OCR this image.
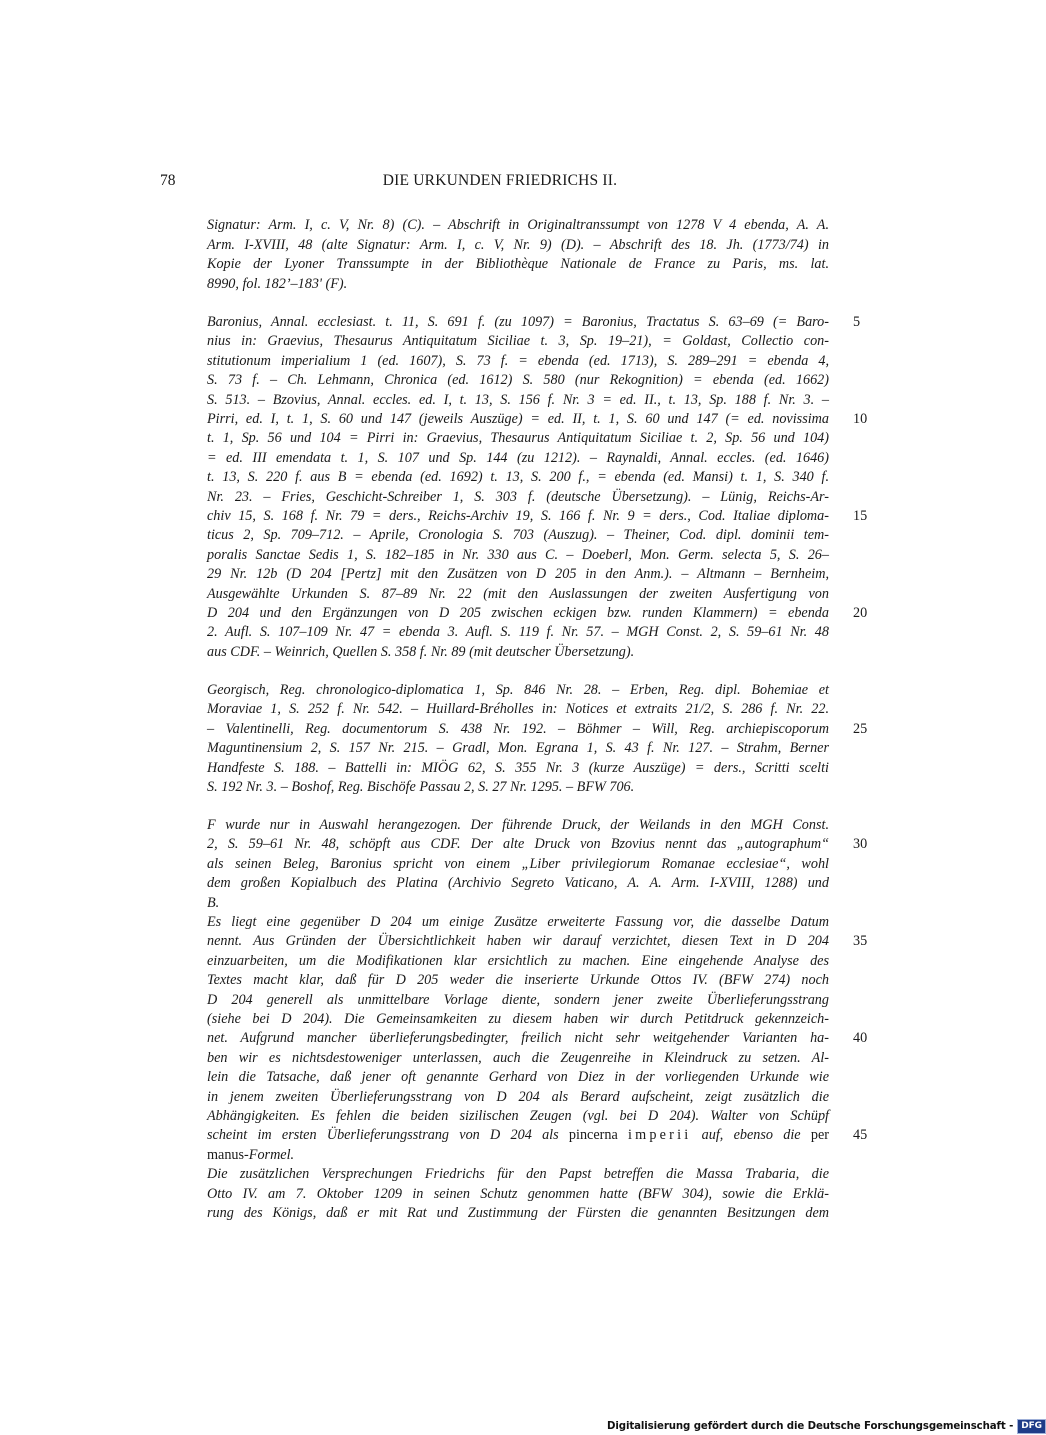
78	DIE URKUNDEN FRIEDRICHS II.
Signatur: Arm. I, c. V, Nr. 8) (C). – Abschrift in Originaltranssumpt von 1278 V 4 ebenda, A. A.
Arm. I-XVIII, 48 (alte Signatur: Arm. I, c. V, Nr. 9) (D). – Abschrift des 18. Jh. (1773/74) in
Kopie der Lyoner Transsumpte in der Bibliothèque Nationale de France zu Paris, ms. lat.
8990, fol. 182’–183' (F).
Baronius, Annal. ecclesiast. t. 11, S. 691 f. (zu 1097) = Baronius, Tractatus S. 63–69 (= Baro-
nius in: Graevius, Thesaurus Antiquitatum Siciliae t. 3, Sp. 19–21), = Goldast, Collectio con-
stitutionum imperialium 1 (ed. 1607), S. 73 f. = ebenda (ed. 1713), S. 289–291 = ebenda 4,
S. 73 f. – Ch. Lehmann, Chronica (ed. 1612) S. 580 (nur Rekognition) = ebenda (ed. 1662)
S. 513. – Bzovius, Annal. eccles. ed. I, t. 13, S. 156 f. Nr. 3 = ed. II., t. 13, Sp. 188 f. Nr. 3. –
Pirri, ed. I, t. 1, S. 60 und 147 (jeweils Auszüge) = ed. II, t. 1, S. 60 und 147 (= ed. novissima
t. 1, Sp. 56 und 104 = Pirri in: Graevius, Thesaurus Antiquitatum Siciliae t. 2, Sp. 56 und 104)
= ed. III emendata t. 1, S. 107 und Sp. 144 (zu 1212). – Raynaldi, Annal. eccles. (ed. 1646)
t. 13, S. 220 f. aus B = ebenda (ed. 1692) t. 13, S. 200 f., = ebenda (ed. Mansi) t. 1, S. 340 f.
Nr. 23. – Fries, Geschicht-Schreiber 1, S. 303 f. (deutsche Übersetzung). – Lünig, Reichs-Ar-
chiv 15, S. 168 f. Nr. 79 = ders., Reichs-Archiv 19, S. 166 f. Nr. 9 = ders., Cod. Italiae diploma-
ticus 2, Sp. 709–712. – Aprile, Cronologia S. 703 (Auszug). – Theiner, Cod. dipl. dominii tem-
poralis Sanctae Sedis 1, S. 182–185 in Nr. 330 aus C. – Doeberl, Mon. Germ. selecta 5, S. 26–
29 Nr. 12b (D 204 [Pertz] mit den Zusätzen von D 205 in den Anm.). – Altmann – Bernheim,
Ausgewählte Urkunden S. 87–89 Nr. 22 (mit den Auslassungen der zweiten Ausfertigung von
D 204 und den Ergänzungen von D 205 zwischen eckigen bzw. runden Klammern) = ebenda
2. Aufl. S. 107–109 Nr. 47 = ebenda 3. Aufl. S. 119 f. Nr. 57. – MGH Const. 2, S. 59–61 Nr. 48
aus CDF. – Weinrich, Quellen S. 358 f. Nr. 89 (mit deutscher Übersetzung).
Georgisch, Reg. chronologico-diplomatica 1, Sp. 846 Nr. 28. – Erben, Reg. dipl. Bohemiae et
Moraviae 1, S. 252 f. Nr. 542. – Huillard-Bréholles in: Notices et extraits 21/2, S. 286 f. Nr. 22.
– Valentinelli, Reg. documentorum S. 438 Nr. 192. – Böhmer – Will, Reg. archiepiscoporum
Maguntinensium 2, S. 157 Nr. 215. – Gradl, Mon. Egrana 1, S. 43 f. Nr. 127. – Strahm, Berner
Handfeste S. 188. – Battelli in: MIÖG 62, S. 355 Nr. 3 (kurze Auszüge) = ders., Scritti scelti
S. 192 Nr. 3. – Boshof, Reg. Bischöfe Passau 2, S. 27 Nr. 1295. – BFW 706.
F wurde nur in Auswahl herangezogen. Der führende Druck, der Weilands in den MGH Const.
2, S. 59–61 Nr. 48, schöpft aus CDF. Der alte Druck von Bzovius nennt das „autographum“
als seinen Beleg, Baronius spricht von einem „Liber privilegiorum Romanae ecclesiae“, wohl
dem großen Kopialbuch des Platina (Archivio Segreto Vaticano, A. A. Arm. I-XVIII, 1288) und
B.
Es liegt eine gegenüber D 204 um einige Zusätze erweiterte Fassung vor, die dasselbe Datum
nennt. Aus Gründen der Übersichtlichkeit haben wir darauf verzichtet, diesen Text in D 204
einzuarbeiten, um die Modifikationen klar ersichtlich zu machen. Eine eingehende Analyse des
Textes macht klar, daß für D 205 weder die inserierte Urkunde Ottos IV. (BFW 274) noch
D 204 generell als unmittelbare Vorlage diente, sondern jener zweite Überlieferungsstrang
(siehe bei D 204). Die Gemeinsamkeiten zu diesem haben wir durch Petitdruck gekennzeich-
net. Aufgrund mancher überlieferungsbedingter, freilich nicht sehr weitgehender Varianten ha-
ben wir es nichtsdestoweniger unterlassen, auch die Zeugenreihe in Kleindruck zu setzen. Al-
lein die Tatsache, daß jener oft genannte Gerhard von Diez in der vorliegenden Urkunde wie
in jenem zweiten Überlieferungsstrang von D 204 als Berard aufscheint, zeigt zusätzlich die
Abhängigkeiten. Es fehlen die beiden sizilischen Zeugen (vgl. bei D 204). Walter von Schüpf
scheint im ersten Überlieferungsstrang von D 204 als pincerna imperii auf, ebenso die per
manus-Formel.
Die zusätzlichen Versprechungen Friedrichs für den Papst betreffen die Massa Trabaria, die
Otto IV. am 7. Oktober 1209 in seinen Schutz genommen hatte (BFW 304), sowie die Erklä-
rung des Königs, daß er mit Rat und Zustimmung der Fürsten die genannten Besitzungen dem
5
10
15
20
25
30
35
40
45
Digitalisierung gefördert durch die Deutsche Forschungsgemeinschaft - DFG
